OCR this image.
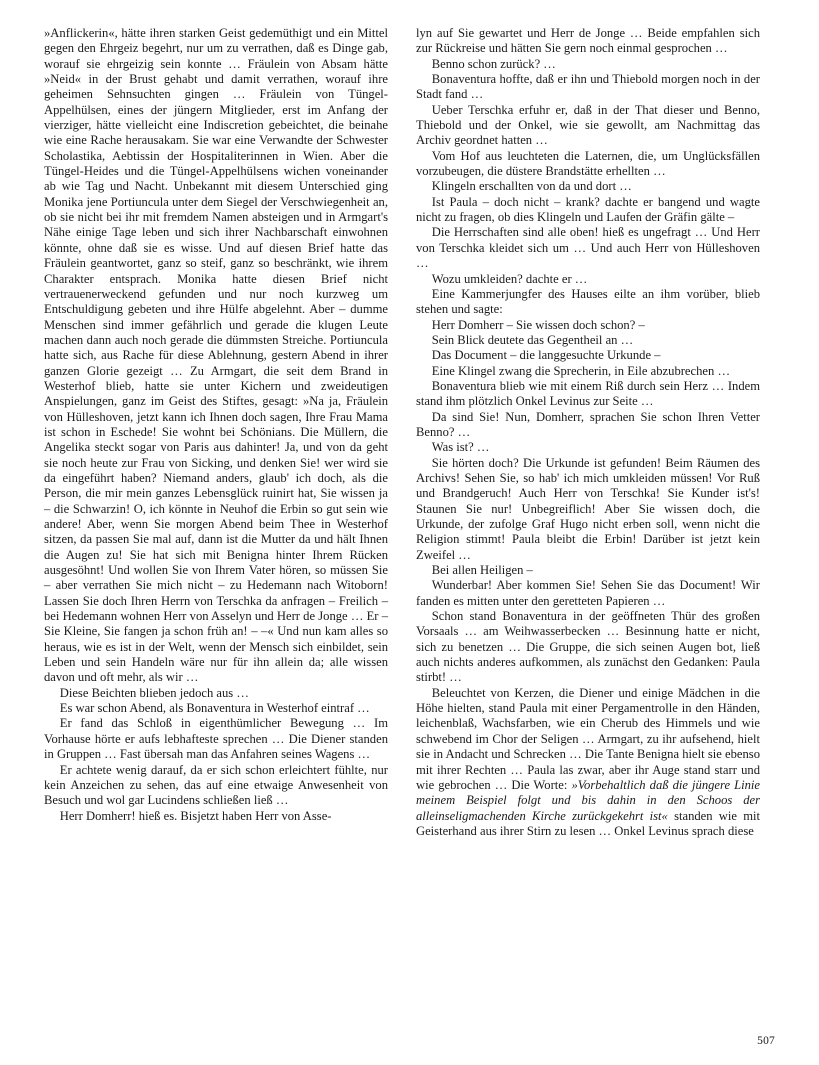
»Anflickerin«, hätte ihren starken Geist gedemüthigt und ein Mittel gegen den Ehrgeiz begehrt, nur um zu verrathen, daß es Dinge gab, worauf sie ehrgeizig sein konnte … Fräulein von Absam hätte »Neid« in der Brust gehabt und damit verrathen, worauf ihre geheimen Sehnsuchten gingen … Fräulein von Tüngel-Appelhülsen, eines der jüngern Mitglieder, erst im Anfang der vierziger, hätte vielleicht eine Indiscretion gebeichtet, die beinahe wie eine Rache herausakam. Sie war eine Verwandte der Schwester Scholastika, Aebtissin der Hospitaliterinnen in Wien. Aber die Tüngel-Heides und die Tüngel-Appelhülsens wichen voneinander ab wie Tag und Nacht. Unbekannt mit diesem Unterschied ging Monika jene Portiuncula unter dem Siegel der Verschwiegenheit an, ob sie nicht bei ihr mit fremdem Namen absteigen und in Armgart's Nähe einige Tage leben und sich ihrer Nachbarschaft einwohnen könnte, ohne daß sie es wisse. Und auf diesen Brief hatte das Fräulein geantwortet, ganz so steif, ganz so beschränkt, wie ihrem Charakter entsprach. Monika hatte diesen Brief nicht vertrauenerweckend gefunden und nur noch kurzweg um Entschuldigung gebeten und ihre Hülfe abgelehnt. Aber – dumme Menschen sind immer gefährlich und gerade die klugen Leute machen dann auch noch gerade die dümmsten Streiche. Portiuncula hatte sich, aus Rache für diese Ablehnung, gestern Abend in ihrer ganzen Glorie gezeigt … Zu Armgart, die seit dem Brand in Westerhof blieb, hatte sie unter Kichern und zweideutigen Anspielungen, ganz im Geist des Stiftes, gesagt: »Na ja, Fräulein von Hülleshoven, jetzt kann ich Ihnen doch sagen, Ihre Frau Mama ist schon in Eschede! Sie wohnt bei Schönians. Die Müllern, die Angelika steckt sogar von Paris aus dahinter! Ja, und von da geht sie noch heute zur Frau von Sicking, und denken Sie! wer wird sie da eingeführt haben? Niemand anders, glaub' ich doch, als die Person, die mir mein ganzes Lebensglück ruinirt hat, Sie wissen ja – die Schwarzin! O, ich könnte in Neuhof die Erbin so gut sein wie andere! Aber, wenn Sie morgen Abend beim Thee in Westerhof sitzen, da passen Sie mal auf, dann ist die Mutter da und hält Ihnen die Augen zu! Sie hat sich mit Benigna hinter Ihrem Rücken ausgesöhnt! Und wollen Sie von Ihrem Vater hören, so müssen Sie – aber verrathen Sie mich nicht – zu Hedemann nach Witoborn! Lassen Sie doch Ihren Herrn von Terschka da anfragen – Freilich – bei Hedemann wohnen Herr von Asselyn und Herr de Jonge … Er – Sie Kleine, Sie fangen ja schon früh an! – –« Und nun kam alles so heraus, wie es ist in der Welt, wenn der Mensch sich einbildet, sein Leben und sein Handeln wäre nur für ihn allein da; alle wissen davon und oft mehr, als wir …

Diese Beichten blieben jedoch aus …

Es war schon Abend, als Bonaventura in Westerhof eintraf …

Er fand das Schloß in eigenthümlicher Bewegung … Im Vorhause hörte er aufs lebhafteste sprechen … Die Diener standen in Gruppen … Fast übersah man das Anfahren seines Wagens …

Er achtete wenig darauf, da er sich schon erleichtert fühlte, nur kein Anzeichen zu sehen, das auf eine etwaige Anwesenheit von Besuch und wol gar Lucindens schließen ließ …

Herr Domherr! hieß es. Bisjetzt haben Herr von Asse-

lyn auf Sie gewartet und Herr de Jonge … Beide empfahlen sich zur Rückreise und hätten Sie gern noch einmal gesprochen …

Benno schon zurück? …

Bonaventura hoffte, daß er ihn und Thiebold morgen noch in der Stadt fand …

Ueber Terschka erfuhr er, daß in der That dieser und Benno, Thiebold und der Onkel, wie sie gewollt, am Nachmittag das Archiv geordnet hatten …

Vom Hof aus leuchteten die Laternen, die, um Unglücksfällen vorzubeugen, die düstere Brandstätte erhellten …

Klingeln erschallten von da und dort …

Ist Paula – doch nicht – krank? dachte er bangend und wagte nicht zu fragen, ob dies Klingeln und Laufen der Gräfin gälte –

Die Herrschaften sind alle oben! hieß es ungefragt … Und Herr von Terschka kleidet sich um … Und auch Herr von Hülleshoven …

Wozu umkleiden? dachte er …

Eine Kammerjungfer des Hauses eilte an ihm vorüber, blieb stehen und sagte:

Herr Domherr – Sie wissen doch schon? –

Sein Blick deutete das Gegentheil an …

Das Document – die langgesuchte Urkunde –

Eine Klingel zwang die Sprecherin, in Eile abzubrechen …

Bonaventura blieb wie mit einem Riß durch sein Herz … Indem stand ihm plötzlich Onkel Levinus zur Seite …

Da sind Sie! Nun, Domherr, sprachen Sie schon Ihren Vetter Benno? …

Was ist? …

Sie hörten doch? Die Urkunde ist gefunden! Beim Räumen des Archivs! Sehen Sie, so hab' ich mich umkleiden müssen! Vor Ruß und Brandgeruch! Auch Herr von Terschka! Sie Kunder ist's! Staunen Sie nur! Unbegreiflich! Aber Sie wissen doch, die Urkunde, der zufolge Graf Hugo nicht erben soll, wenn nicht die Religion stimmt! Paula bleibt die Erbin! Darüber ist jetzt kein Zweifel …

Bei allen Heiligen –

Wunderbar! Aber kommen Sie! Sehen Sie das Document! Wir fanden es mitten unter den geretteten Papieren …

Schon stand Bonaventura in der geöffneten Thür des großen Vorsaals … am Weihwasserbecken … Besinnung hatte er nicht, sich zu benetzen … Die Gruppe, die sich seinen Augen bot, ließ auch nichts anderes aufkommen, als zunächst den Gedanken: Paula stirbt! …

Beleuchtet von Kerzen, die Diener und einige Mädchen in die Höhe hielten, stand Paula mit einer Pergamentrolle in den Händen, leichenblaß, Wachsfarben, wie ein Cherub des Himmels und wie schwebend im Chor der Seligen … Armgart, zu ihr aufsehend, hielt sie in Andacht und Schrecken … Die Tante Benigna hielt sie ebenso mit ihrer Rechten … Paula las zwar, aber ihr Auge stand starr und wie gebrochen … Die Worte: »Vorbehaltlich daß die jüngere Linie meinem Beispiel folgt und bis dahin in den Schoos der alleinseligmachenden Kirche zurückgekehrt ist« standen wie mit Geisterhand aus ihrer Stirn zu lesen … Onkel Levinus sprach diese

507
